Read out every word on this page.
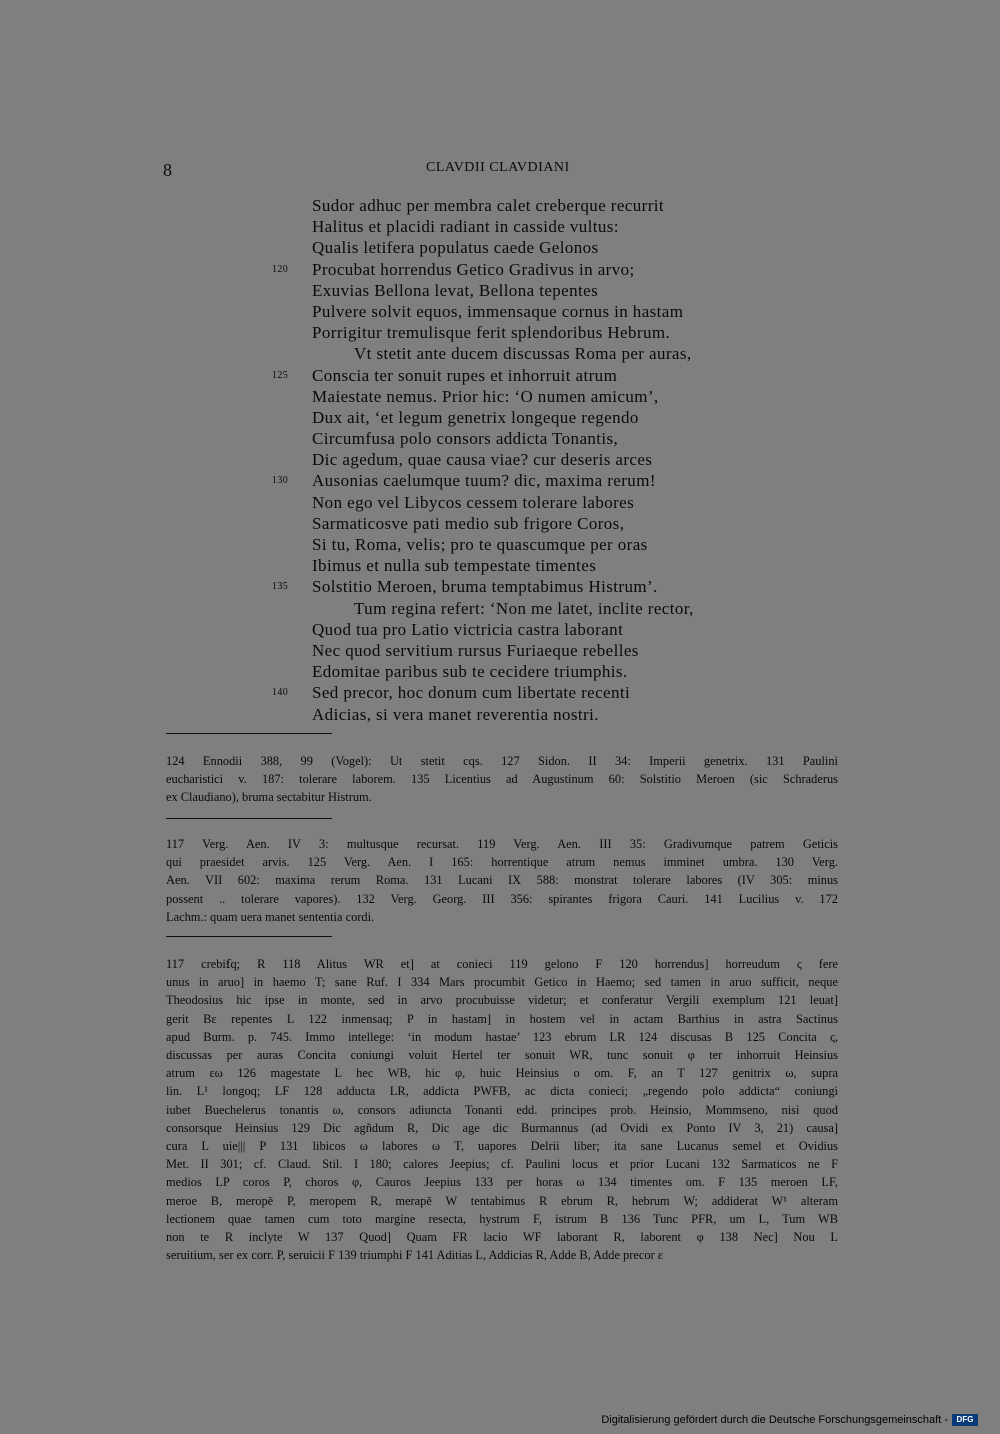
8	CLAVDII CLAVDIANI
Sudor adhuc per membra calet creberque recurrit
Halitus et placidi radiant in casside vultus:
Qualis letifera populatus caede Gelonos
120	Procubat horrendus Getico Gradivus in arvo;
Exuvias Bellona levat, Bellona tepentes
Pulvere solvit equos, immensaque cornus in hastam
Porrigitur tremulisque ferit splendoribus Hebrum.
Vt stetit ante ducem discussas Roma per auras,
125	Conscia ter sonuit rupes et inhorruit atrum
Maiestate nemus. Prior hic: ‘O numen amicum’,
Dux ait, ‘et legum genetrix longeque regendo
Circumfusa polo consors addicta Tonantis,
Dic agedum, quae causa viae? cur deseris arces
130	Ausonias caelumque tuum? dic, maxima rerum!
Non ego vel Libycos cessem tolerare labores
Sarmaticosve pati medio sub frigore Coros,
Si tu, Roma, velis; pro te quascumque per oras
Ibimus et nulla sub tempestate timentes
135	Solstitio Meroen, bruma temptabimus Histrum’.
Tum regina refert: ‘Non me latet, inclite rector,
Quod tua pro Latio victricia castra laborant
Nec quod servitium rursus Furiaeque rebelles
Edomitae paribus sub te cecidere triumphis.
140	Sed precor, hoc donum cum libertate recenti
Adicias, si vera manet reverentia nostri.
124 Ennodii 388, 99 (Vogel): Ut stetit cqs. 127 Sidon. II 34: Imperii genetrix. 131 Paulini
eucharistici v. 187: tolerare laborem. 135 Licentius ad Augustinum 60: Solstitio Meroen (sic Schraderus
ex Claudiano), bruma sectabitur Histrum.
117 Verg. Aen. IV 3: multusque recursat. 119 Verg. Aen. III 35: Gradivumque patrem Geticis
qui praesidet arvis. 125 Verg. Aen. I 165: horrentique atrum nemus imminet umbra. 130 Verg.
Aen. VII 602: maxima rerum Roma. 131 Lucani IX 588: monstrat tolerare labores (IV 305: minus
possent .. tolerare vapores). 132 Verg. Georg. III 356: spirantes frigora Cauri. 141 Lucilius v. 172
Lachm.: quam uera manet sententia cordi.
117 crebiẜq; R 118 Alitus WR et] at conieci 119 gelono F 120 horrendus] horreudum ς fere
unus in aruo] in haemo T; sane Ruf. I 334 Mars procumbit Getico in Haemo; sed tamen in aruo sufficit, neque
Theodosius hic ipse in monte, sed in arvo procubuisse videtur; et conferatur Vergili exemplum 121 leuat]
gerit Bε repentes L 122 inmensaq; P in hastam] in hostem vel in actam Barthius in astra Sactinus
apud Burm. p. 745. Immo intellege: ‘in modum hastae’ 123 ebrum LR 124 discusas B 125 Concita ς,
discussas per auras Concita coniungi voluit Hertel ter sonuit WR, tunc sonuit φ ter inhorruit Heinsius
atrum εω 126 magestate L hec WB, hic φ, huic Heinsius o om. F, an T 127 genitrix ω, supra
lin. L¹ longoq; LF 128 adducta LR, addicta PWFB, ac dicta conieci; „regendo polo addicta“ coniungi
iubet Buechelerus tonantis ω, consors adiuncta Tonanti edd. principes prob. Heinsio, Mommseno, nisi quod
consorsque Heinsius 129 Dic agñdum R, Dic age dic Burmannus (ad Ovidi ex Ponto IV 3, 21) causa]
cura L uie||| P 131 libicos ω labores ω T, uapores Delrii liber; ita sane Lucanus semel et Ovidius
Met. II 301; cf. Claud. Stil. I 180; calores Jeepius; cf. Paulini locus et prior Lucani 132 Sarmaticos ne F
medios LP coros P, choros φ, Cauros Jeepius 133 per horas ω 134 timentes om. F 135 meroen LF,
meroe B, meropē P, meropem R, merapē W tentabimus R ebrum R, hebrum W; addiderat W¹ alteram
lectionem quae tamen cum toto margine resecta, hystrum F, istrum B 136 Tunc PFR, um L, Tum WB
non te R inclyte W 137 Quod] Quam FR lacio WF laborant R, laborent φ 138 Nec] Nou L
seruitium, ser ex corr. P, seruicii F 139 triumphi F 141 Aditias L, Addicias R, Adde B, Adde precor ε
Digitalisierung gefördert durch die Deutsche Forschungsgemeinschaft -	DFG
